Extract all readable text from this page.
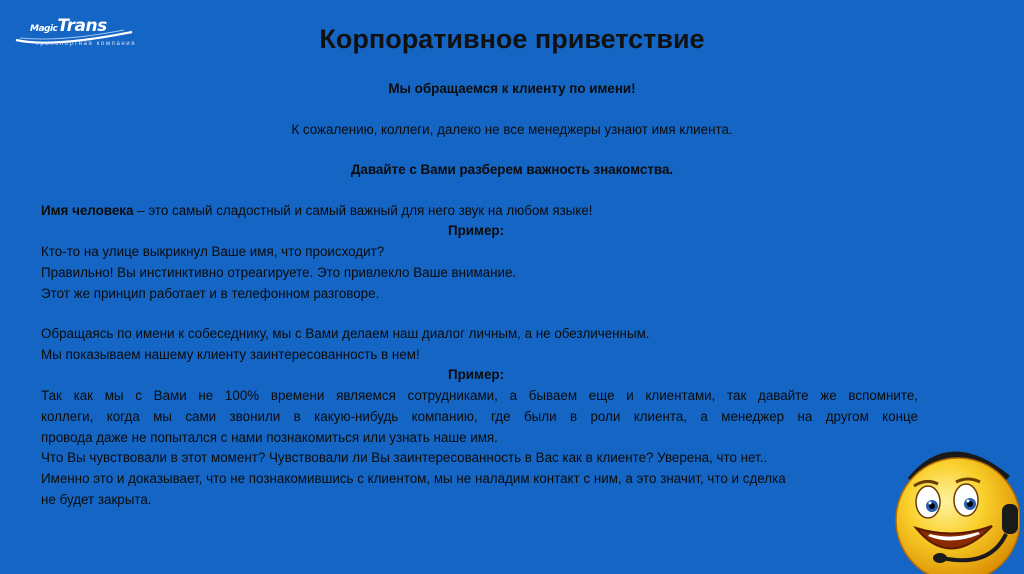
MagicTrans
транспортная компания	Корпоративное приветствие
Мы обращаемся к клиенту по имени!
К сожалению, коллеги, далеко не все менеджеры узнают имя клиента.
Давайте с Вами разберем важность знакомства.
Имя человека – это самый сладостный и самый важный для него звук на любом языке!
Пример:
Кто-то на улице выкрикнул Ваше имя, что происходит?
Правильно! Вы инстинктивно отреагируете. Это привлекло Ваше внимание.
Этот же принцип работает и в телефонном разговоре.
Обращаясь по имени к собеседнику, мы с Вами делаем наш диалог личным, а не обезличенным.
Мы показываем нашему клиенту заинтересованность в нем!
Пример:
Так как мы с Вами не 100% времени являемся сотрудниками, а бываем еще и клиентами, так давайте же вспомните,
коллеги, когда мы сами звонили в какую-нибудь компанию, где были в роли клиента, а менеджер на другом конце
провода даже не попытался с нами познакомиться или узнать наше имя.
Что Вы чувствовали в этот момент? Чувствовали ли Вы заинтересованность в Вас как в клиенте? Уверена, что нет..
Именно это и доказывает, что не познакомившись с клиентом, мы не наладим контакт с ним, а это значит, что и сделка
не будет закрыта.
